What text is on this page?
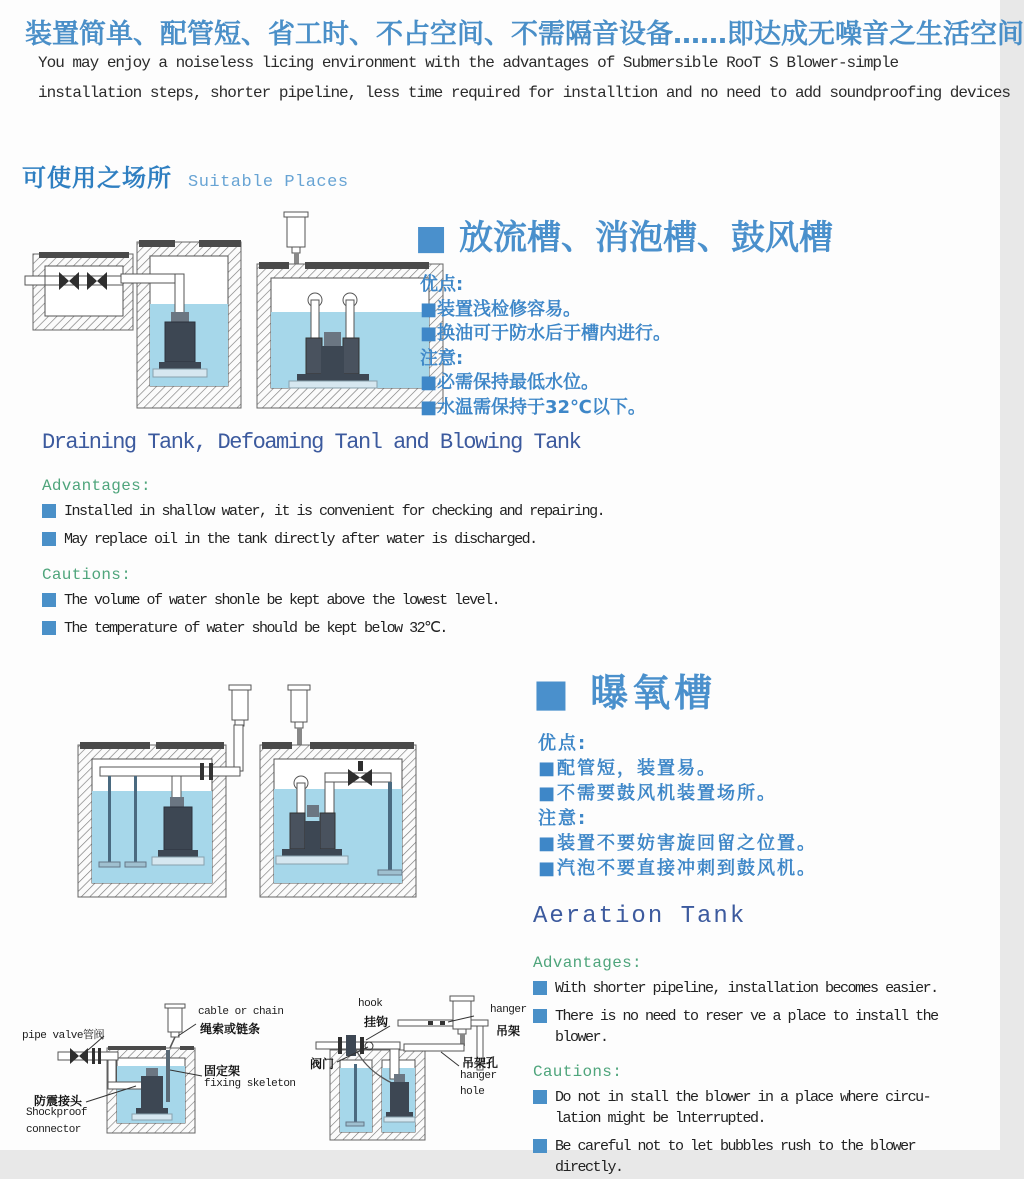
装置简单、配管短、省工时、不占空间、不需隔音设备……即达成无噪音之生活空间
You may enjoy a noiseless licing environment with the advantages of Submersible RooT S Blower-simple
installation steps, shorter pipeline, less time required for installtion and no need to add soundproofing devices
可使用之场所 Suitable Places
■ 放流槽、消泡槽、鼓风槽
优点:
■装置浅检修容易。
■换油可于防水后于槽内进行。
注意:
■必需保持最低水位。
■水温需保持于32℃以下。
Draining Tank, Defoaming Tanl and Blowing Tank
Advantages:
Installed in shallow water, it is convenient for checking and repairing.
May replace oil in the tank directly after water is discharged.
Cautions:
The volume of water shonle be kept above the lowest level.
The temperature of water should be kept below 32℃.
■ 曝氧槽
优点:
■配管短，装置易。
■不需要鼓风机装置场所。
注意:
■装置不要妨害旋回留之位置。
■汽泡不要直接冲刺到鼓风机。
Aeration Tank
Advantages:
With shorter pipeline, installation becomes easier.
There is no need to reser ve a place to install the
blower.
Cautions:
Do not in stall the blower in a place where circu-
lation might be lnterrupted.
Be careful not to let bubbles rush to the blower
directly.
pipe valve管阀
cable or chain
绳索或链条
固定架
fixing skeleton
防震接头
Shockproof
connector
hook
挂钩
hanger
吊架
阀门	吊架孔
hanger
hole
